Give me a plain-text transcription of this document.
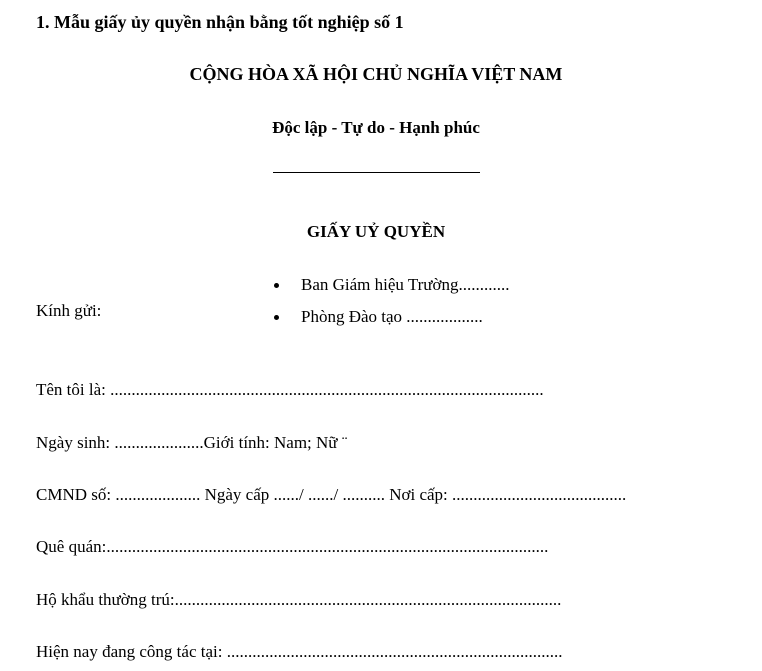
1. Mẫu giấy ủy quyền nhận bằng tốt nghiệp số 1
CỘNG HÒA XÃ HỘI CHỦ NGHĨA VIỆT NAM
Độc lập - Tự do - Hạnh phúc
GIẤY UỶ QUYỀN
Kính gửi:
Ban Giám hiệu Trường............
Phòng Đào tạo ..................
Tên tôi là: ......................................................................................................
Ngày sinh: .....................Giới tính: Nam; Nữ ¨
CMND số: .................... Ngày cấp ....../ ....../ .......... Nơi cấp: .........................................
Quê quán:........................................................................................................
Hộ khẩu thường trú:...........................................................................................
Hiện nay đang công tác tại: ...............................................................................
